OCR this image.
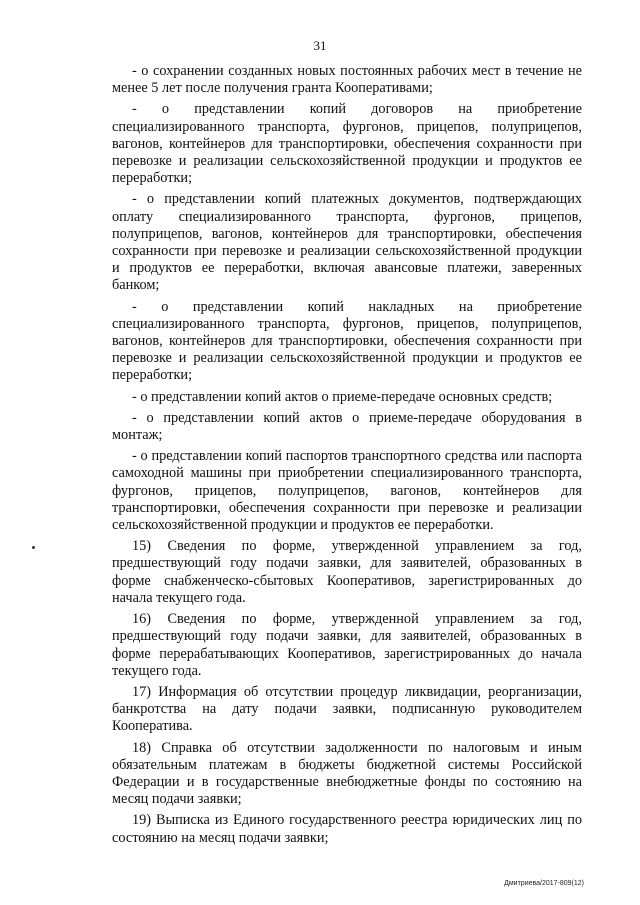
31

- о сохранении созданных новых постоянных рабочих мест в течение не менее 5 лет после получения гранта Кооперативами;

- о представлении копий договоров на приобретение специализированного транспорта, фургонов, прицепов, полуприцепов, вагонов, контейнеров для транспортировки, обеспечения сохранности при перевозке и реализации сельскохозяйственной продукции и продуктов ее переработки;

- о представлении копий платежных документов, подтверждающих оплату специализированного транспорта, фургонов, прицепов, полуприцепов, вагонов, контейнеров для транспортировки, обеспечения сохранности при перевозке и реализации сельскохозяйственной продукции и продуктов ее переработки, включая авансовые платежи, заверенных банком;

- о представлении копий накладных на приобретение специализированного транспорта, фургонов, прицепов, полуприцепов, вагонов, контейнеров для транспортировки, обеспечения сохранности при перевозке и реализации сельскохозяйственной продукции и продуктов ее переработки;

- о представлении копий актов о приеме-передаче основных средств;

- о представлении копий актов о приеме-передаче оборудования в монтаж;

- о представлении копий паспортов транспортного средства или паспорта самоходной машины при приобретении специализированного транспорта, фургонов, прицепов, полуприцепов, вагонов, контейнеров для транспортировки, обеспечения сохранности при перевозке и реализации сельскохозяйственной продукции и продуктов ее переработки.

15) Сведения по форме, утвержденной управлением за год, предшествующий году подачи заявки, для заявителей, образованных в форме снабженческо-сбытовых Кооперативов, зарегистрированных до начала текущего года.

16) Сведения по форме, утвержденной управлением за год, предшествующий году подачи заявки, для заявителей, образованных в форме перерабатывающих Кооперативов, зарегистрированных до начала текущего года.

17) Информация об отсутствии процедур ликвидации, реорганизации, банкротства на дату подачи заявки, подписанную руководителем Кооператива.

18) Справка об отсутствии задолженности по налоговым и иным обязательным платежам в бюджеты бюджетной системы Российской Федерации и в государственные внебюджетные фонды по состоянию на месяц подачи заявки;

19) Выписка из Единого государственного реестра юридических лиц по состоянию на месяц подачи заявки;

Дмитриева/2017-809(12)
